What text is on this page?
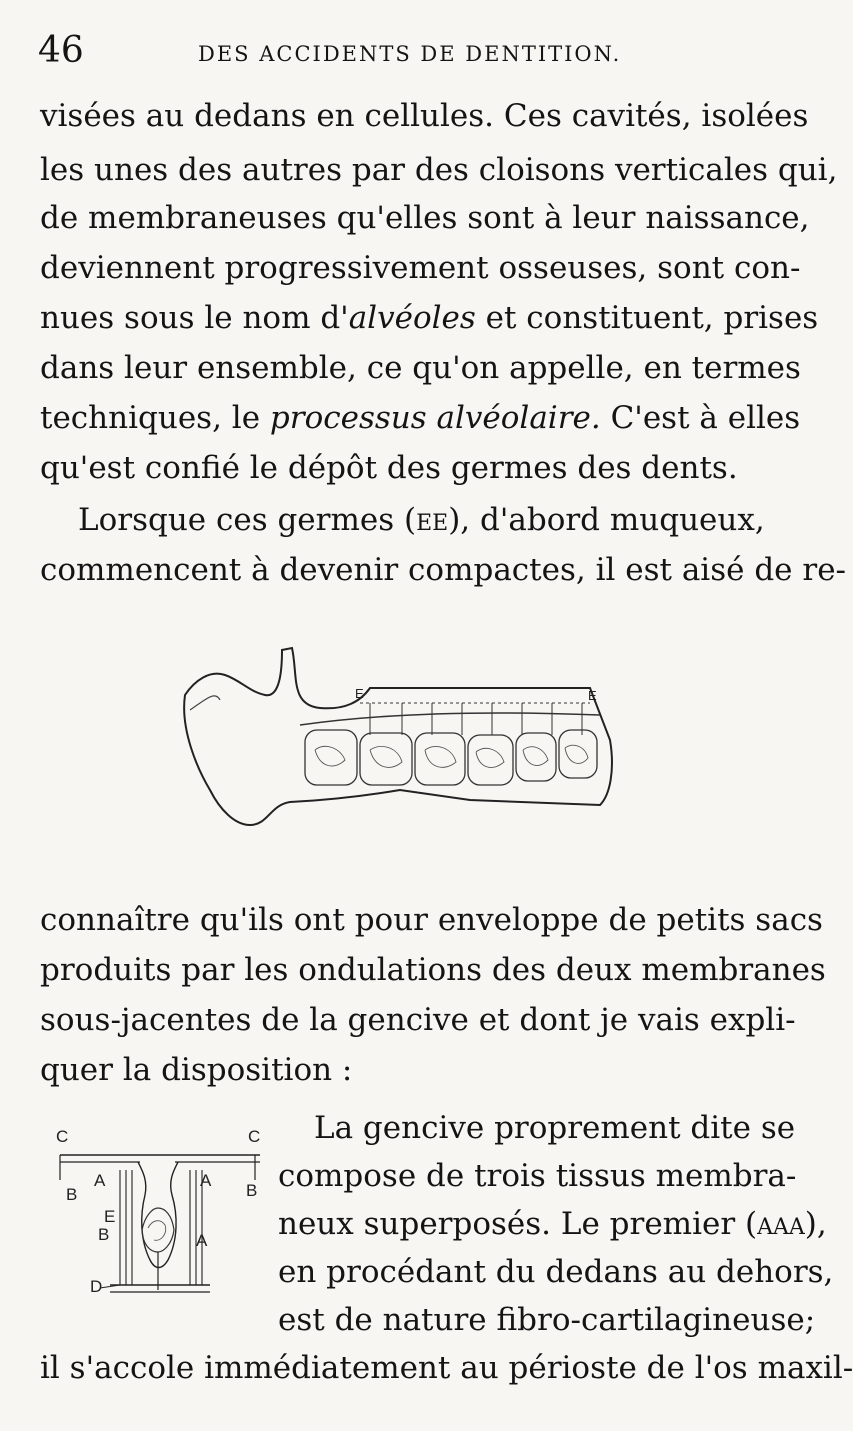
46	DES ACCIDENTS DE DENTITION.
visées au dedans en cellules. Ces cavités, isolées
les unes des autres par des cloisons verticales qui,
de membraneuses qu'elles sont à leur naissance,
deviennent progressivement osseuses, sont con-
nues sous le nom d'alvéoles et constituent, prises
dans leur ensemble, ce qu'on appelle, en termes
techniques, le processus alvéolaire. C'est à elles
qu'est confié le dépôt des germes des dents.
Lorsque ces germes (ee), d'abord muqueux,
commencent à devenir compactes, il est aisé de re-
E	E
connaître qu'ils ont pour enveloppe de petits sacs
produits par les ondulations des deux membranes
sous-jacentes de la gencive et dont je vais expli-
quer la disposition :
C	C
A	A
A
B	B
B
E
D
La gencive proprement dite se
compose de trois tissus membra-
neux superposés. Le premier (aaa),
en procédant du dedans au dehors,
est de nature fibro-cartilagineuse;
il s'accole immédiatement au périoste de l'os maxil-
